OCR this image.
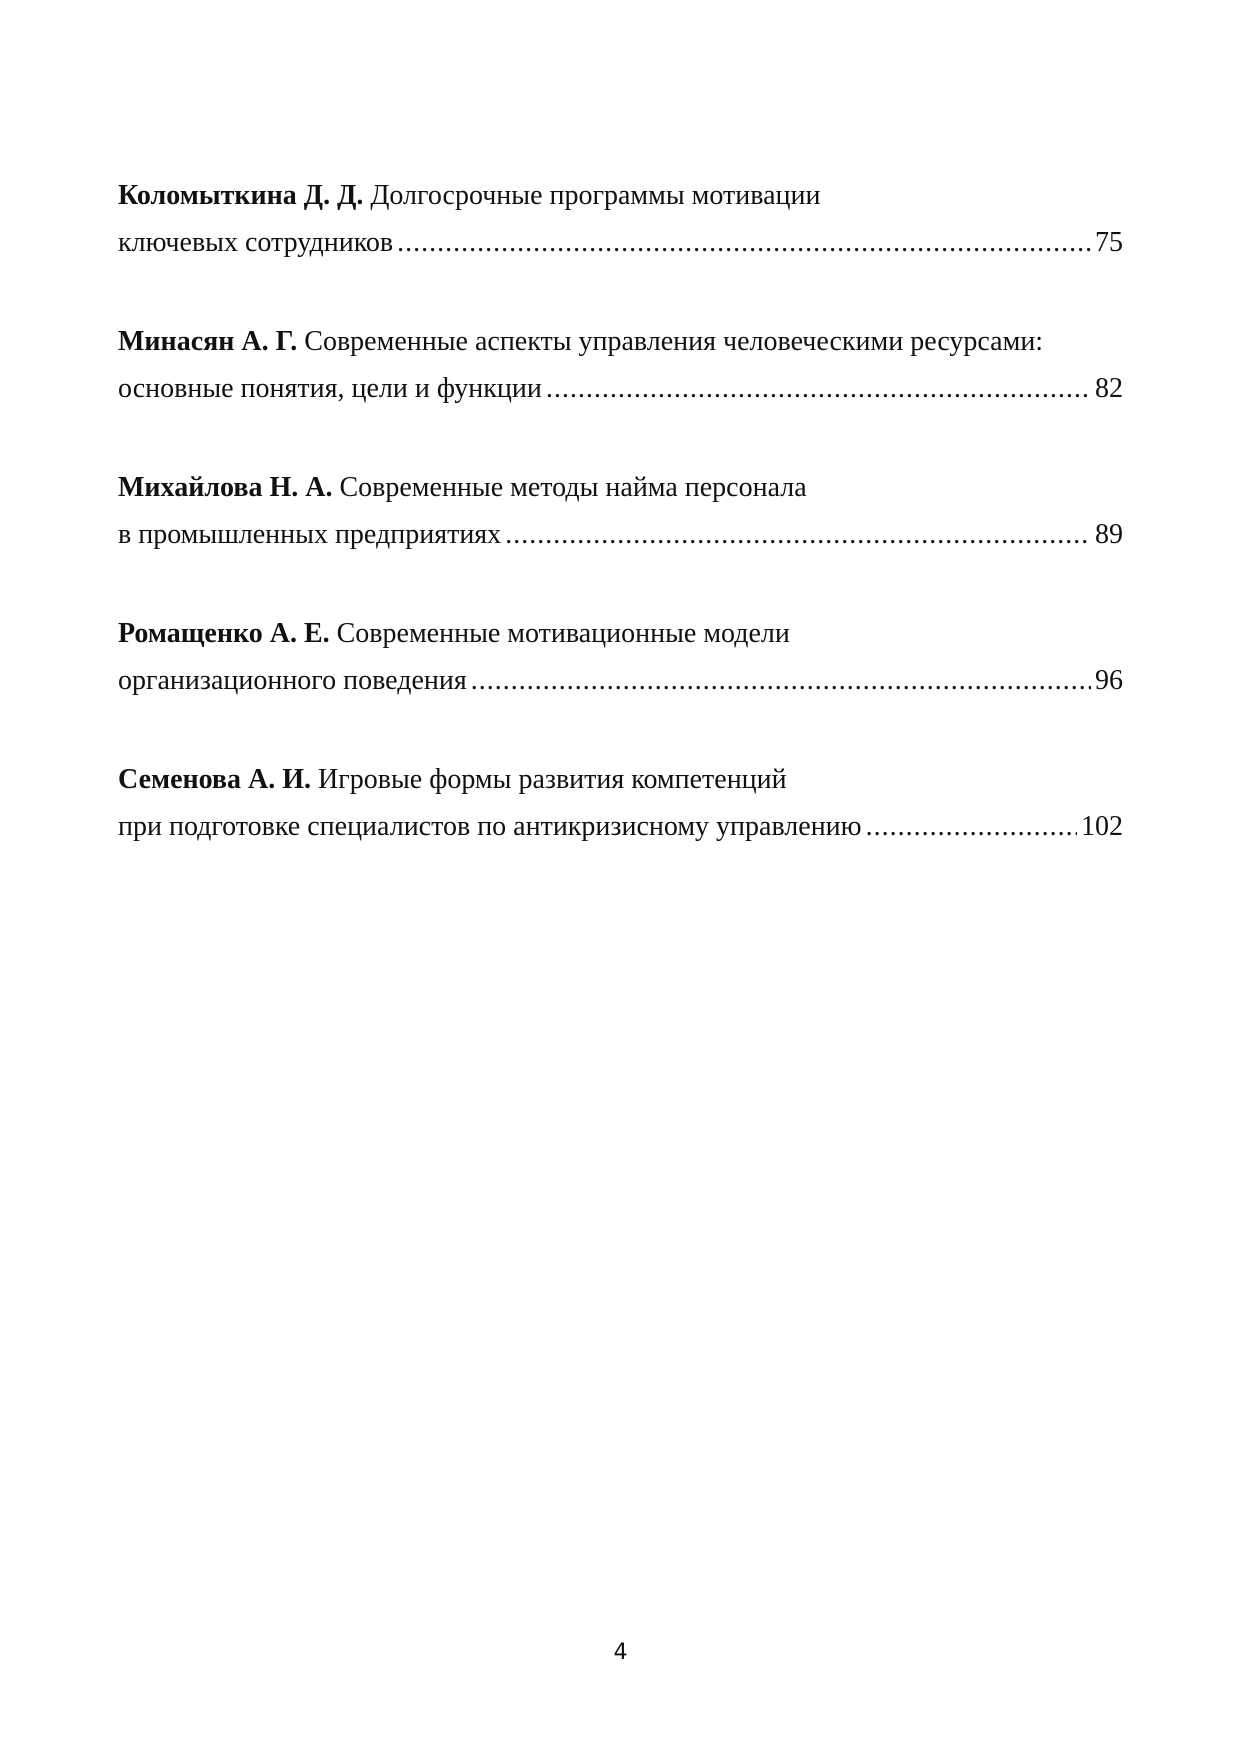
Коломыткина Д. Д. Долгосрочные программы мотивации
ключевых сотрудников .....	75
Минасян А. Г. Современные аспекты управления человеческими ресурсами:
основные понятия, цели и функции .....	82
Михайлова Н. А. Современные методы найма персонала
в промышленных предприятиях .....	89
Ромащенко А. Е. Современные мотивационные модели
организационного поведения .....	96
Семенова А. И. Игровые формы развития компетенций
при подготовке специалистов по антикризисному управлению .....	102
4
